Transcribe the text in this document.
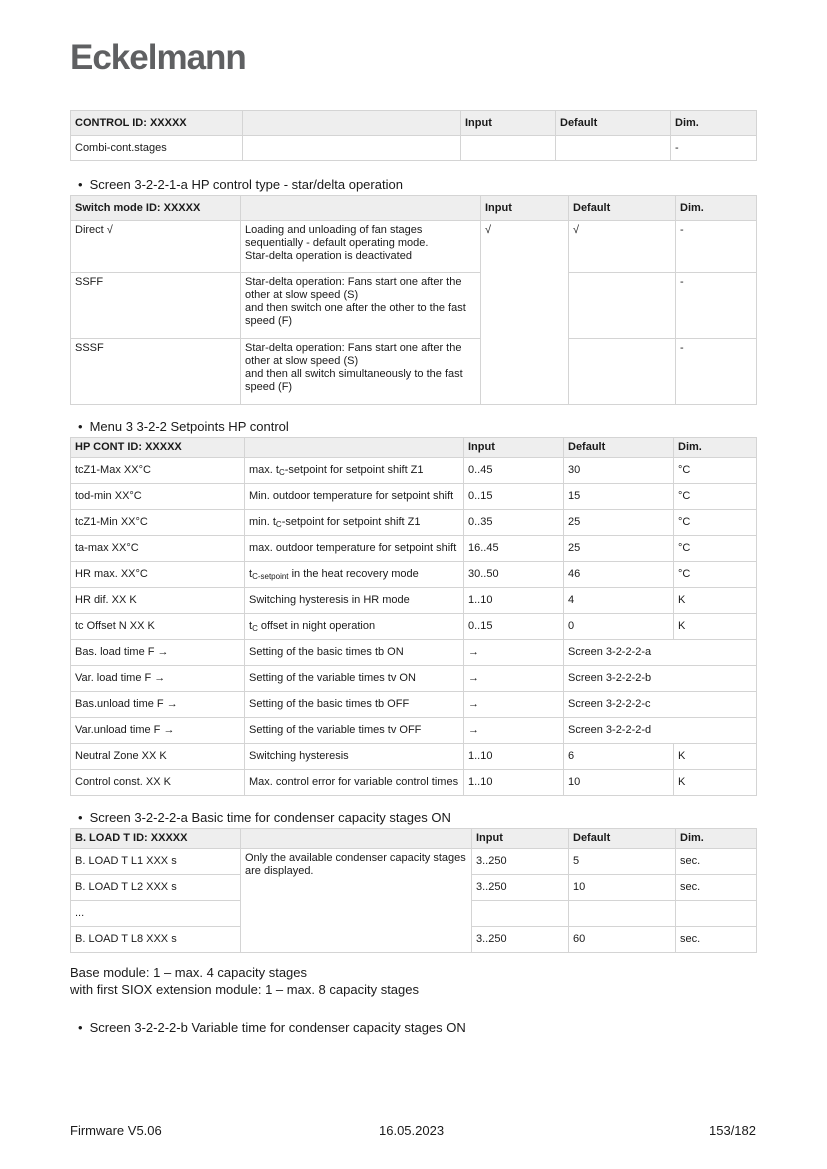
Eckelmann
CONTROL ID: XXXXX		Input	Default	Dim.
Combi-cont.stages				-
• Screen 3-2-2-1-a HP control type - star/delta operation
Switch mode ID: XXXXX		Input	Default	Dim.
Direct √	Loading and unloading of fan stages
sequentially - default operating mode.
Star-delta operation is deactivated	√	√	-
SSFF	Star-delta operation: Fans start one after the
other at slow speed (S)
and then switch one after the other to the fast
speed (F)			-
SSSF	Star-delta operation: Fans start one after the
other at slow speed (S)
and then all switch simultaneously to the fast
speed (F)			-
• Menu 3 3-2-2 Setpoints HP control
HP CONT ID: XXXXX		Input	Default	Dim.
tcZ1-Max XX°C	max. $t_C$-setpoint for setpoint shift Z1	0..45	30	°C
tod-min XX°C	Min. outdoor temperature for setpoint shift	0..15	15	°C
tcZ1-Min XX°C	min. $t_C$-setpoint for setpoint shift Z1	0..35	25	°C
ta-max XX°C	max. outdoor temperature for setpoint shift	16..45	25	°C
HR max. XX°C	$t_{C-setpoint}$ in the heat recovery mode	30..50	46	°C
HR dif. XX K	Switching hysteresis in HR mode	1..10	4	K
tc Offset N XX K	$t_C$ offset in night operation	0..15	0	K
Bas. load time F →	Setting of the basic times tb ON	→	Screen 3-2-2-2-a	
Var. load time F →	Setting of the variable times tv ON	→	Screen 3-2-2-2-b	
Bas.unload time F →	Setting of the basic times tb OFF	→	Screen 3-2-2-2-c	
Var.unload time F →	Setting of the variable times tv OFF	→	Screen 3-2-2-2-d	
Neutral Zone XX K	Switching hysteresis	1..10	6	K
Control const. XX K	Max. control error for variable control times	1..10	10	K
• Screen 3-2-2-2-a Basic time for condenser capacity stages ON
B. LOAD T ID: XXXXX		Input	Default	Dim.
B. LOAD T L1 XXX s	Only the available condenser capacity stages are displayed.	3..250	5	sec.
B. LOAD T L2 XXX s		3..250	10	sec.
...				
B. LOAD T L8 XXX s		3..250	60	sec.
Base module: 1 – max. 4 capacity stages
with first SIOX extension module: 1 – max. 8 capacity stages
• Screen 3-2-2-2-b Variable time for condenser capacity stages ON
Firmware V5.06	16.05.2023	153/182
